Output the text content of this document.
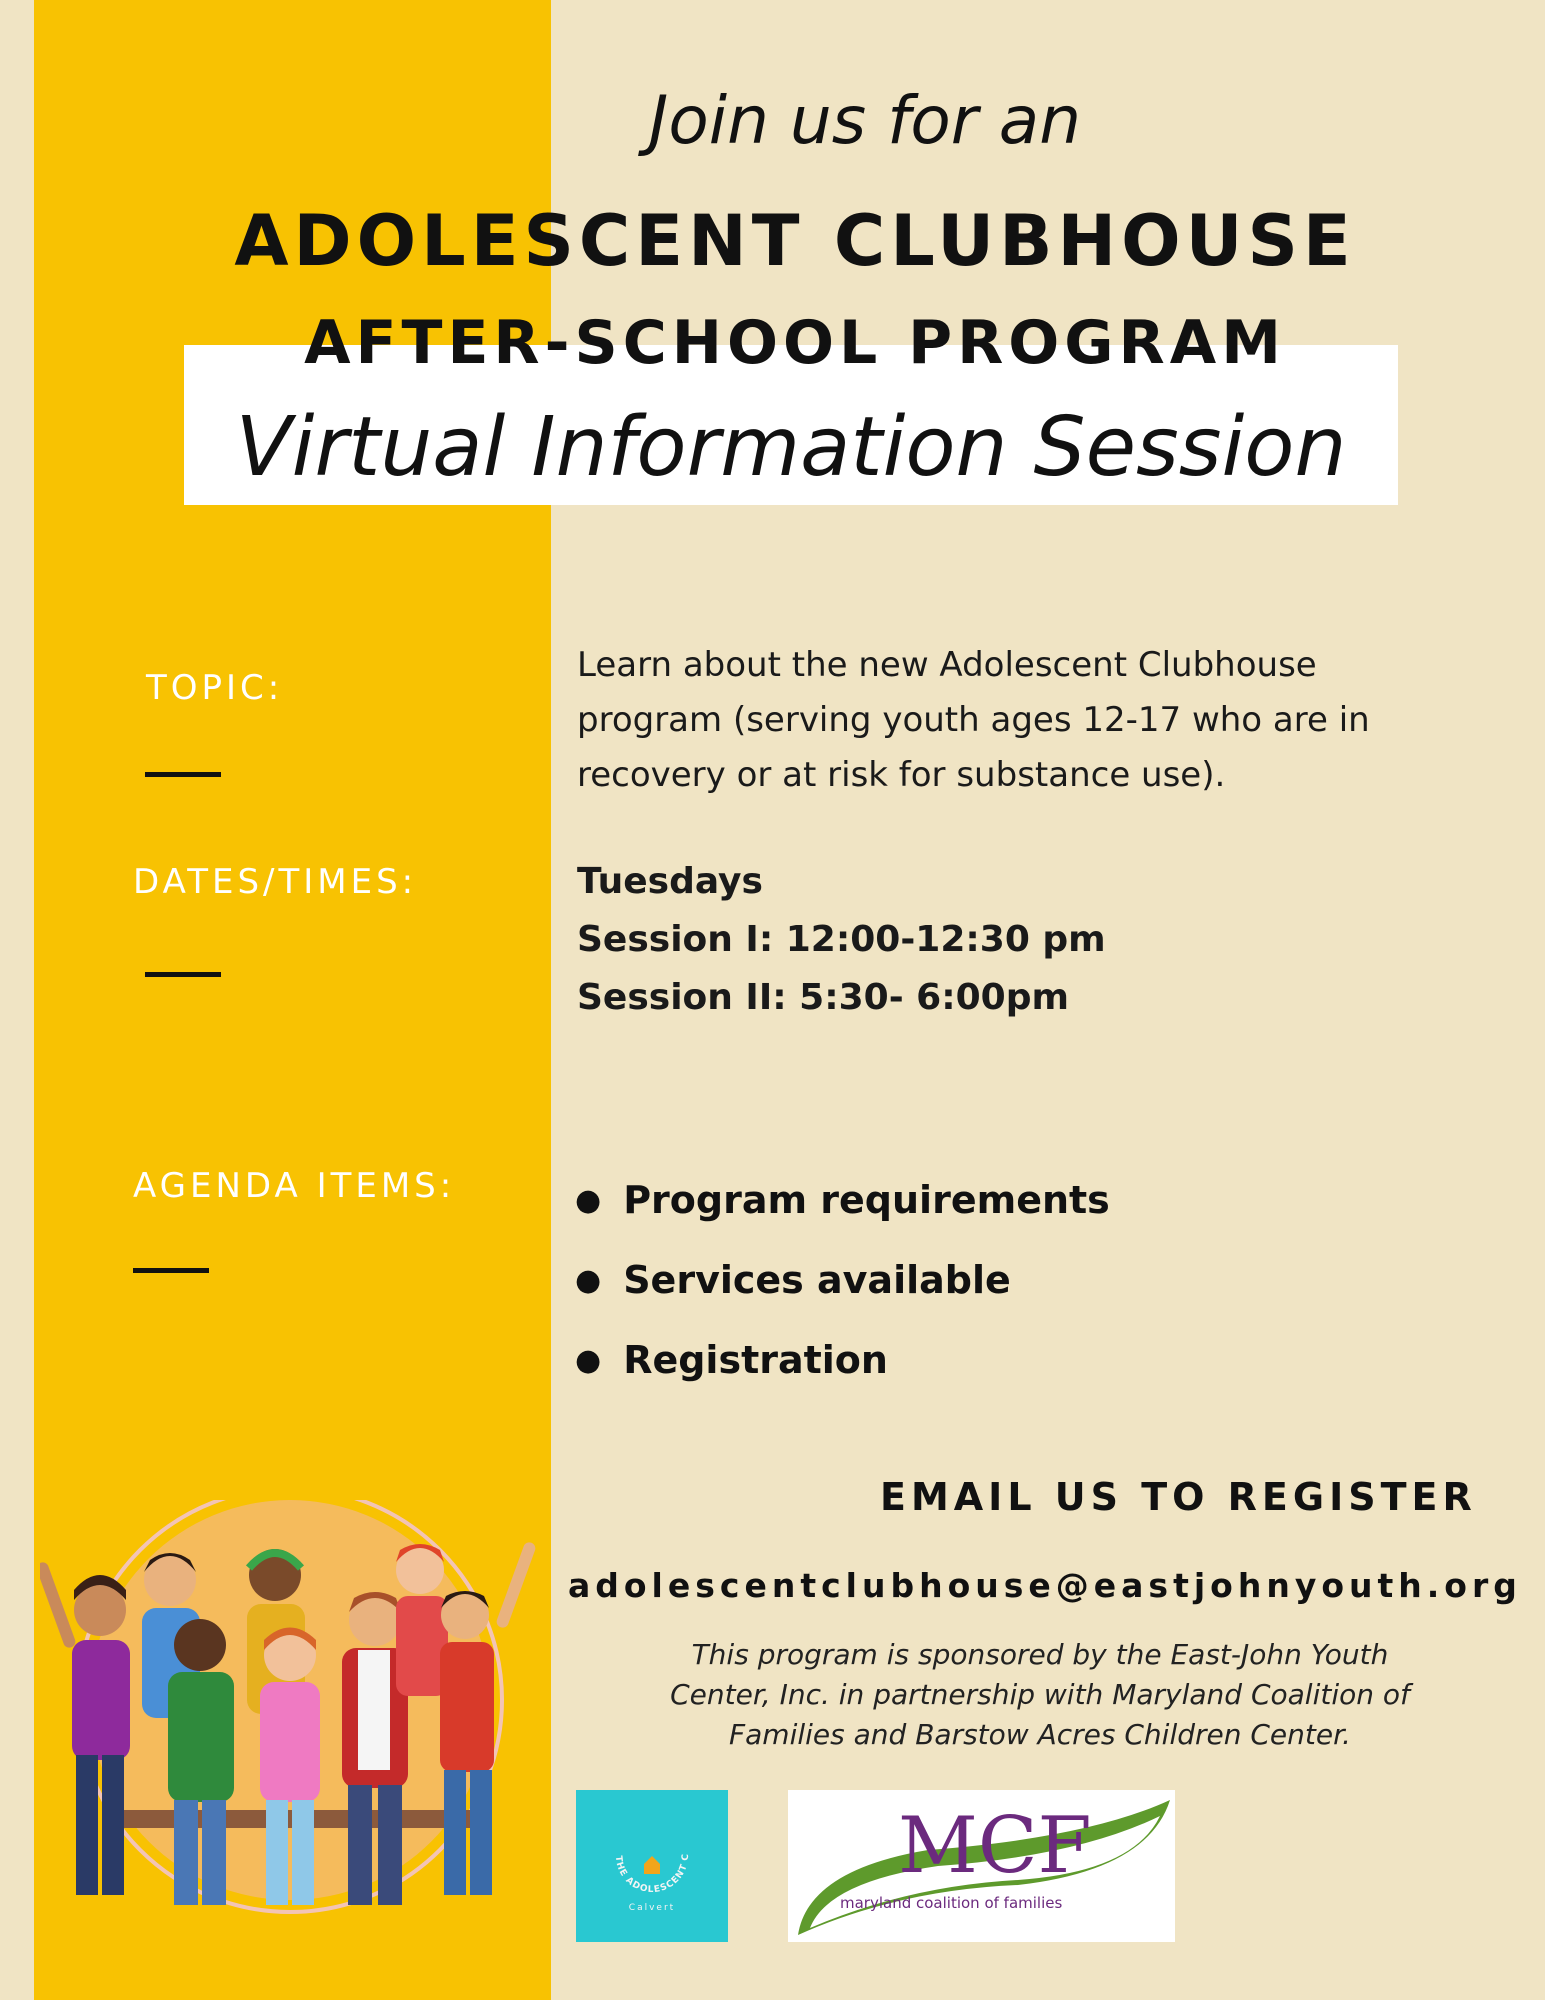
Join us for an
ADOLESCENT CLUBHOUSE
AFTER-SCHOOL PROGRAM
Virtual Information Session
TOPIC:
Learn about the new Adolescent Clubhouse
program (serving youth ages 12-17 who are in
recovery or at risk for substance use).
DATES/TIMES:	Tuesdays
Session I: 12:00-12:30 pm
Session II: 5:30- 6:00pm
AGENDA ITEMS:	● Program requirements
● Services available
● Registration
EMAIL US TO REGISTER
adolescentclubhouse@eastjohnyouth.org
This program is sponsored by the East-John Youth
Center, Inc. in partnership with Maryland Coalition of
Families and Barstow Acres Children Center.
THE ADOLESCENT C
Calvert
MCF
maryland coalition of families
